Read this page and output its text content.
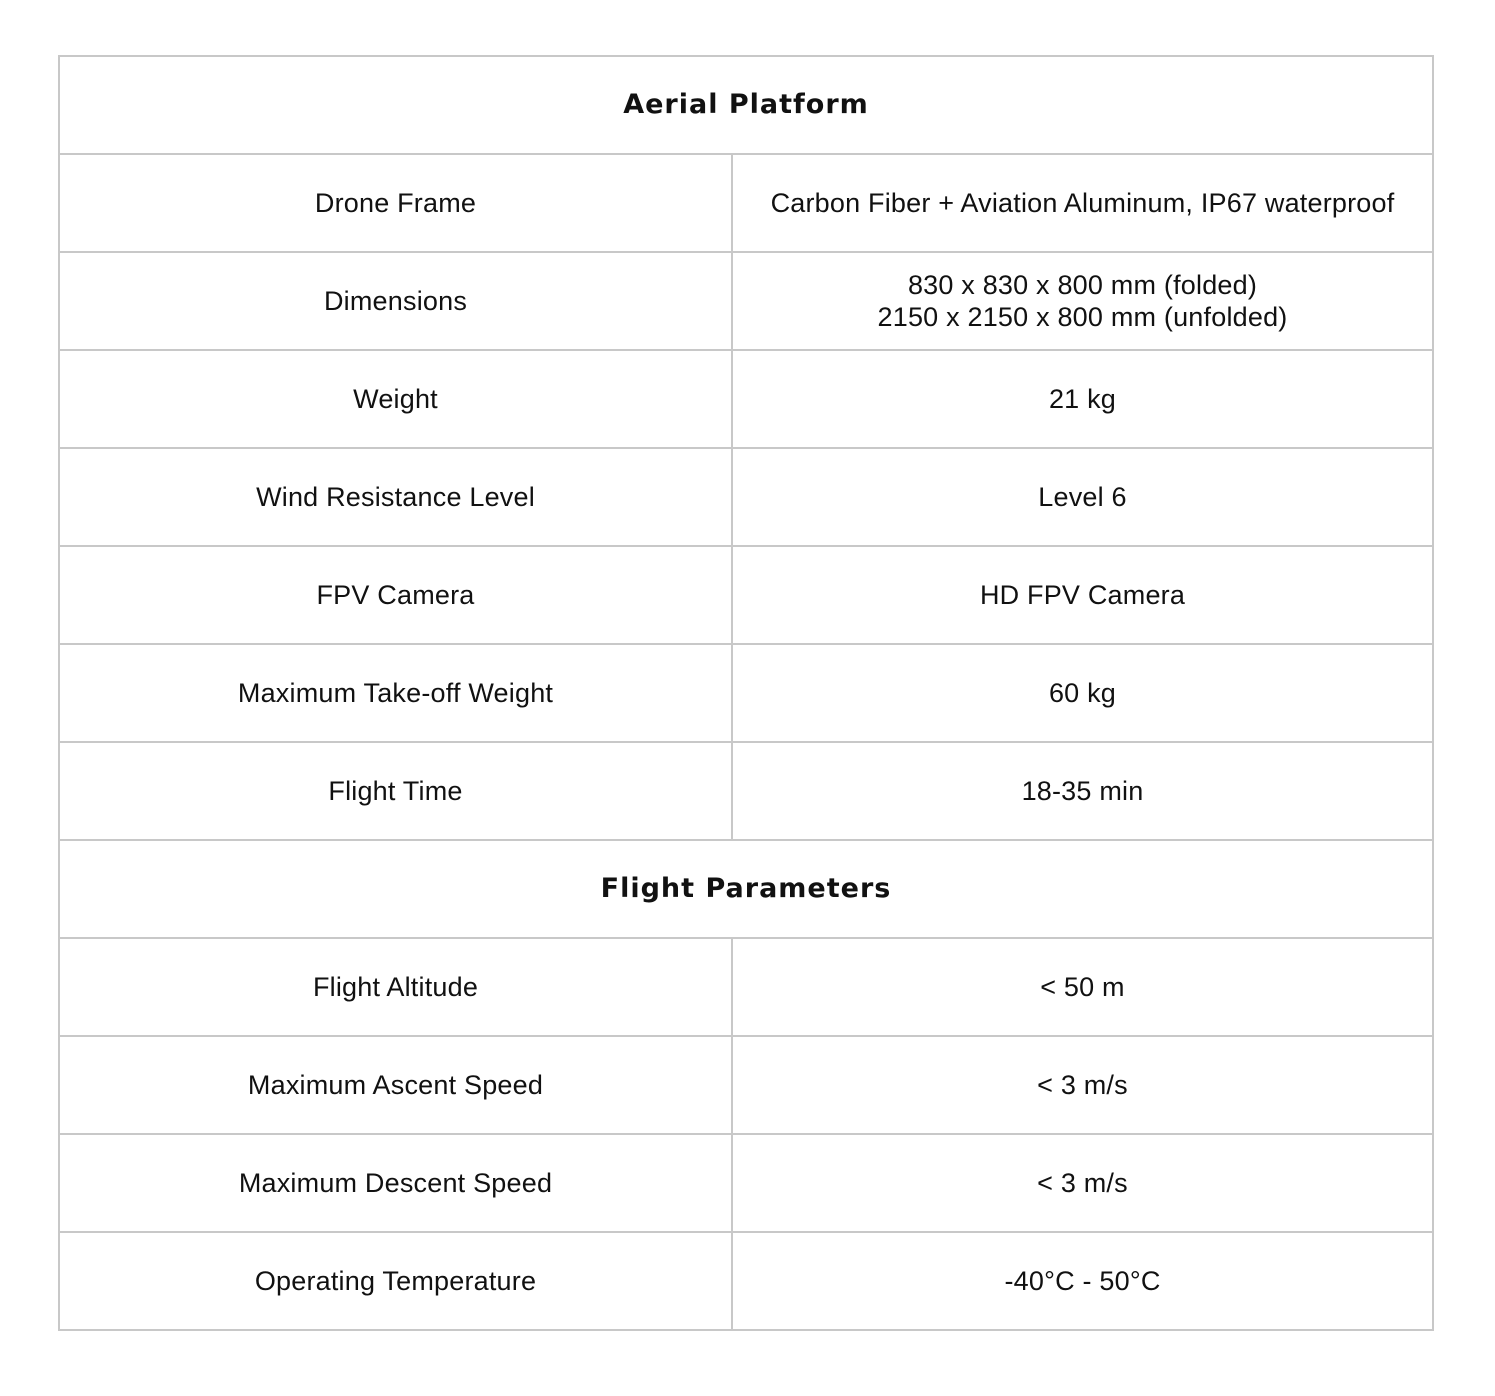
Aerial Platform	
Drone Frame	Carbon Fiber + Aviation Aluminum, IP67 waterproof

Dimensions	830 x 830 x 800 mm (folded)
2150 x 2150 x 800 mm (unfolded)

Weight	21 kg

Wind Resistance Level	Level 6

FPV Camera	HD FPV Camera

Maximum Take-off Weight	60 kg

Flight Time	18-35 min

Flight Parameters	
Flight Altitude	< 50 m

Maximum Ascent Speed	< 3 m/s

Maximum Descent Speed	< 3 m/s

Operating Temperature	-40°C - 50°C
